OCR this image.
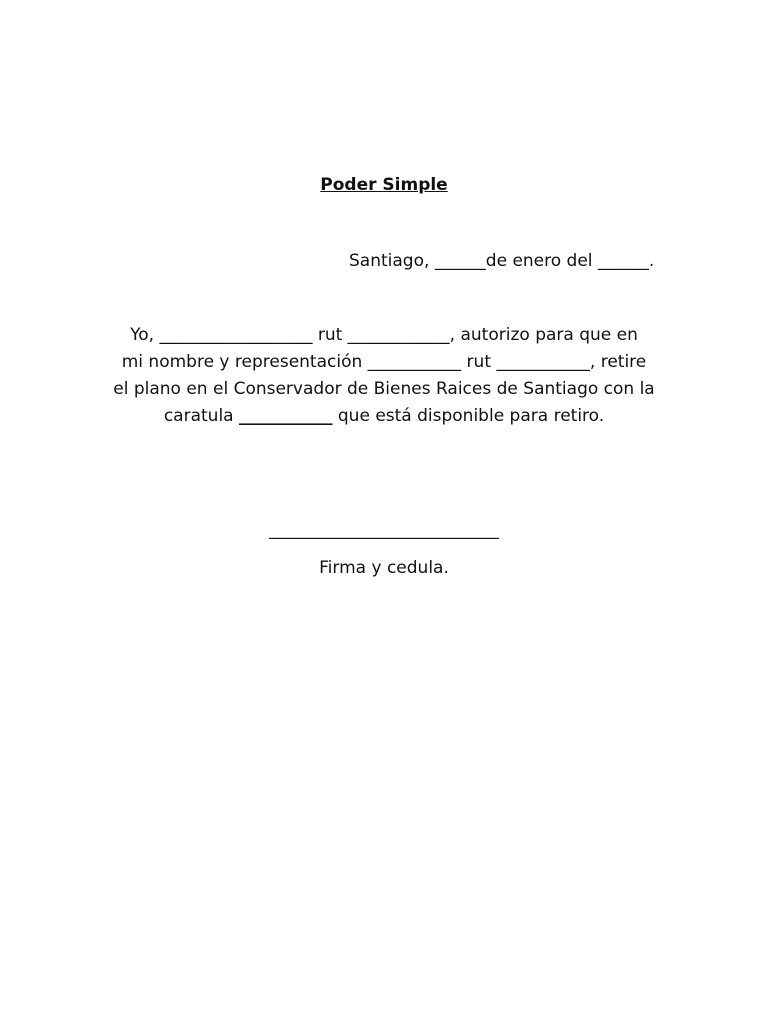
Poder Simple
Santiago, ______de enero del ______.
Yo, __________________ rut ____________, autorizo para que en
mi nombre y representación ___________ rut ___________, retire
el plano en el Conservador de Bienes Raices de Santiago con la
caratula ___________ que está disponible para retiro.
___________________________
Firma y cedula.
